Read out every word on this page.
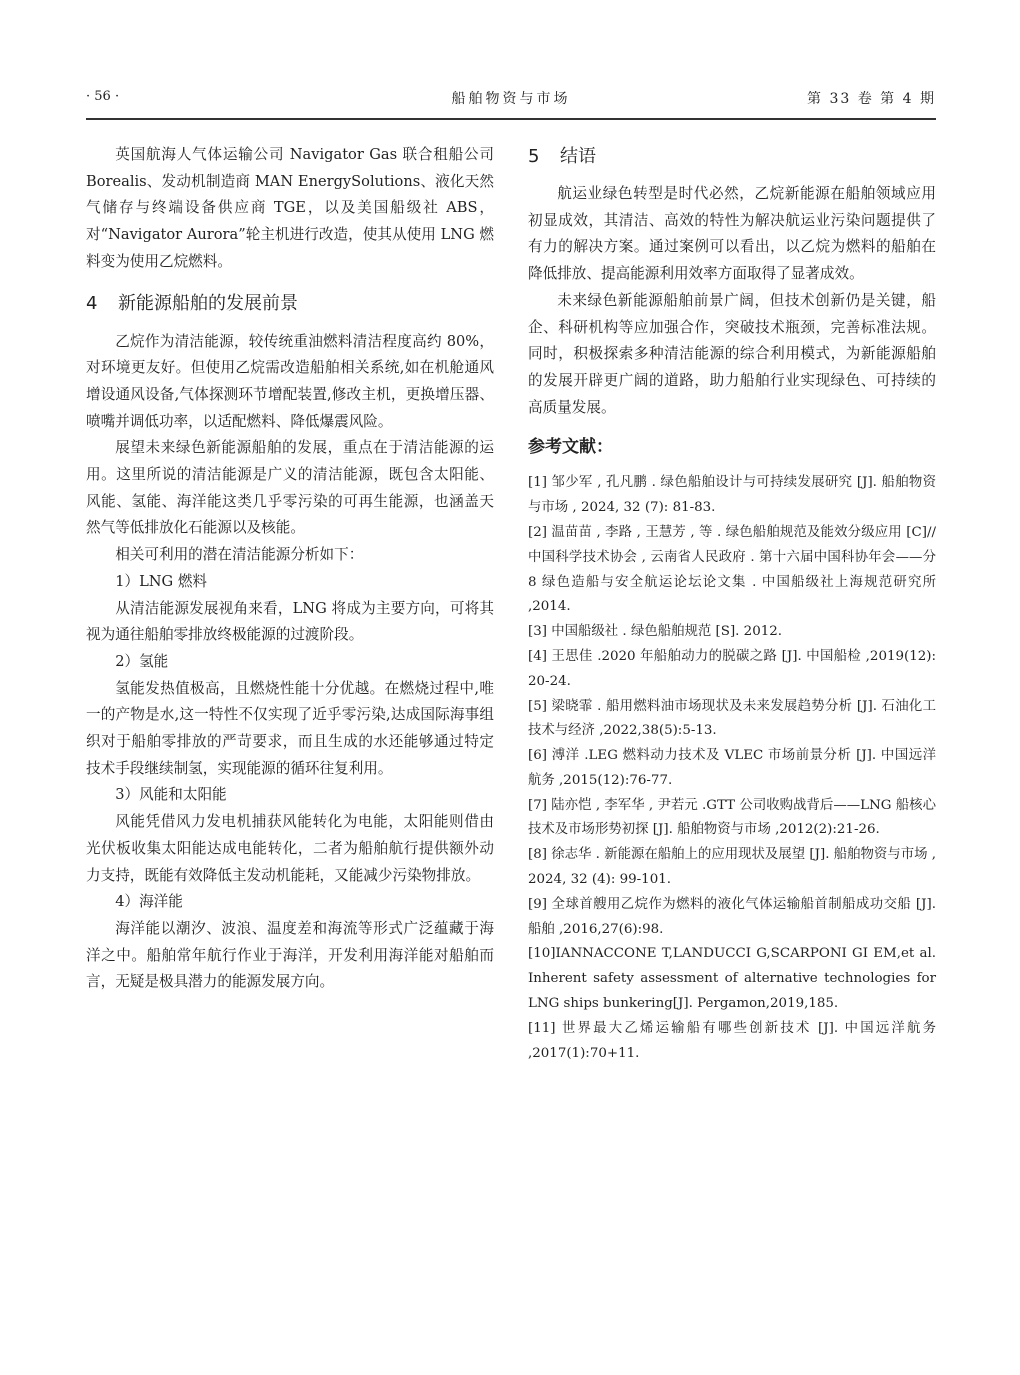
· 56 ·	船舶物资与市场	第 33 卷 第 4 期

英国航海人气体运输公司 Navigator Gas 联合租船公司 Borealis、发动机制造商 MAN EnergySolutions、液化天然气储存与终端设备供应商 TGE，以及美国船级社 ABS，对“Navigator Aurora”轮主机进行改造，使其从使用 LNG 燃料变为使用乙烷燃料。

4 新能源船舶的发展前景

乙烷作为清洁能源，较传统重油燃料清洁程度高约 80%，对环境更友好。但使用乙烷需改造船舶相关系统,如在机舱通风增设通风设备,气体探测环节增配装置,修改主机，更换增压器、喷嘴并调低功率，以适配燃料、降低爆震风险。

展望未来绿色新能源船舶的发展，重点在于清洁能源的运用。这里所说的清洁能源是广义的清洁能源，既包含太阳能、风能、氢能、海洋能这类几乎零污染的可再生能源，也涵盖天然气等低排放化石能源以及核能。

相关可利用的潜在清洁能源分析如下：

1）LNG 燃料

从清洁能源发展视角来看，LNG 将成为主要方向，可将其视为通往船舶零排放终极能源的过渡阶段。

2）氢能

氢能发热值极高，且燃烧性能十分优越。在燃烧过程中,唯一的产物是水,这一特性不仅实现了近乎零污染,达成国际海事组织对于船舶零排放的严苛要求，而且生成的水还能够通过特定技术手段继续制氢，实现能源的循环往复利用。

3）风能和太阳能

风能凭借风力发电机捕获风能转化为电能，太阳能则借由光伏板收集太阳能达成电能转化，二者为船舶航行提供额外动力支持，既能有效降低主发动机能耗，又能减少污染物排放。

4）海洋能

海洋能以潮汐、波浪、温度差和海流等形式广泛蕴藏于海洋之中。船舶常年航行作业于海洋，开发利用海洋能对船舶而言，无疑是极具潜力的能源发展方向。

5 结语

航运业绿色转型是时代必然，乙烷新能源在船舶领域应用初显成效，其清洁、高效的特性为解决航运业污染问题提供了有力的解决方案。通过案例可以看出，以乙烷为燃料的船舶在降低排放、提高能源利用效率方面取得了显著成效。

未来绿色新能源船舶前景广阔，但技术创新仍是关键，船企、科研机构等应加强合作，突破技术瓶颈，完善标准法规。同时，积极探索多种清洁能源的综合利用模式，为新能源船舶的发展开辟更广阔的道路，助力船舶行业实现绿色、可持续的高质量发展。

参考文献：

[1] 邹少军 , 孔凡鹏 . 绿色船舶设计与可持续发展研究 [J]. 船舶物资与市场 , 2024, 32 (7): 81-83.

[2] 温苗苗 , 李路 , 王慧芳 , 等 . 绿色船舶规范及能效分级应用 [C]// 中国科学技术协会 , 云南省人民政府 . 第十六届中国科协年会——分 8 绿色造船与安全航运论坛论文集 . 中国船级社上海规范研究所 ,2014.

[3] 中国船级社 . 绿色船舶规范 [S]. 2012.

[4] 王思佳 .2020 年船舶动力的脱碳之路 [J]. 中国船检 ,2019(12): 20-24.

[5] 梁晓霏 . 船用燃料油市场现状及未来发展趋势分析 [J]. 石油化工技术与经济 ,2022,38(5):5-13.

[6] 溥洋 .LEG 燃料动力技术及 VLEC 市场前景分析 [J]. 中国远洋航务 ,2015(12):76-77.

[7] 陆亦恺 , 李军华 , 尹若元 .GTT 公司收购战背后——LNG 船核心技术及市场形势初探 [J]. 船舶物资与市场 ,2012(2):21-26.

[8] 徐志华 . 新能源在船舶上的应用现状及展望 [J]. 船舶物资与市场 , 2024, 32 (4): 99-101.

[9] 全球首艘用乙烷作为燃料的液化气体运输船首制船成功交船 [J]. 船舶 ,2016,27(6):98.

[10]IANNACCONE T,LANDUCCI G,SCARPONI GI EM,et al. Inherent safety assessment of alternative technologies for LNG ships bunkering[J]. Pergamon,2019,185.

[11] 世界最大乙烯运输船有哪些创新技术 [J]. 中国远洋航务 ,2017(1):70+11.
